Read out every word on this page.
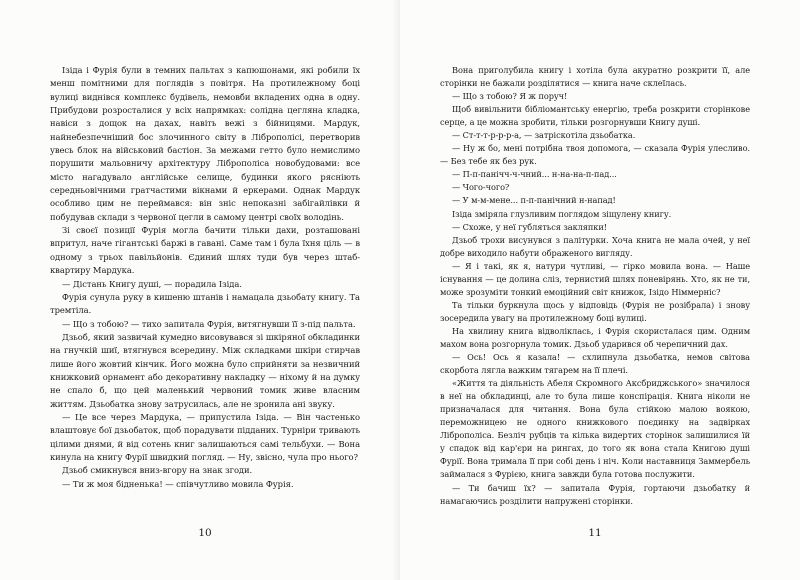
Ізіда і Фурія були в темних пальтах з капюшонами, які робили їх менш помітними для поглядів з повітря. На протилежному боці вулиці виднівся комплекс будівель, немовби вкладених одна в одну. Прибудови розросталися у всіх напрямках: солідна цегляна кладка, навіси з дощок на дахах, навіть вежі з бійницями. Мардук, найнебезпечніший бос злочинного світу в Ліброполісі, перетворив увесь блок на військовий бастіон. За межами гетто було немислимо порушити мальовничу архітектуру Ліброполіса новобудовами: все місто нагадувало англійське селище, будинки якого рясніють середньовічними гратчастими вікнами й еркерами. Однак Мардук особливо цим не переймався: він зніс непоказні забігайлівки й побудував склади з червоної цегли в самому центрі своїх володінь.

Зі своєї позиції Фурія могла бачити тільки дахи, розташовані впритул, наче гігантські баржі в гавані. Саме там і була їхня ціль — в одному з трьох павільйонів. Єдиний шлях туди був через штаб-квартиру Мардука.

— Дістань Книгу душі, — порадила Ізіда.

Фурія сунула руку в кишеню штанів і намацала дзьобату книгу. Та тремтіла.

— Що з тобою? — тихо запитала Фурія, витягнувши її з-під пальта.

Дзьоб, який зазвичай кумедно висовувався зі шкіряної обкладинки на гнучкій шиї, втягнувся всередину. Між складками шкіри стирчав лише його жовтий кінчик. Його можна було сприйняти за незвичний книжковий орнамент або декоративну накладку — ніхому й на думку не спало б, що цей маленький червоний томик живе власним життям. Дзьобатка знову затрусилась, але не зронила ані звуку.

— Це все через Мардука, — припустила Ізіда. — Він частенько влаштовує бої дзьобаток, щоб порадувати підданих. Турніри тривають цілими днями, й від сотень книг залишаються самі тельбухи. — Вона кинула на книгу Фурії швидкий погляд. — Ну, звісно, чула про нього?

Дзьоб смикнувся вниз-вгору на знак згоди.

— Ти ж моя бідненька! — співчутливо мовила Фурія.

10

Вона приголубила книгу і хотіла була акуратно розкрити її, але сторінки не бажали розділятися — книга наче склеїлась.

— Що з тобою? Я ж поруч!

Щоб вивільнити бібліомантську енергію, треба розкрити сторінкове серце, а це можна зробити, тільки розгорнувши Книгу душі.

— Ст-т-т-р-р-р-а, — затріскотіла дзьобатка.

— Ну ж бо, мені потрібна твоя допомога, — сказала Фурія улесливо. — Без тебе як без рук.

— П-п-панічч-ч-чний... н-на-на-п-пад...

— Чого-чого?

— У м-м-мене... п-п-панічний н-напад!

Ізіда зміряла глузливим поглядом зіщулену книгу.

— Схоже, у неї губляться закляпки!

Дзьоб трохи висунувся з палітурки. Хоча книга не мала очей, у неї добре виходило набути ображеного вигляду.

— Я і такі, як я, натури чутливі, — гірко мовила вона. — Наше існування — це долина сліз, тернистий шлях поневірянь. Хто, як не ти, може зрозуміти тонкий емоційний світ книжок, Ізідо Німмерніс?

Та тільки буркнула щось у відповідь (Фурія не розібрала) і знову зосередила увагу на протилежному боці вулиці.

На хвилину книга відволіклась, і Фурія скористалася цим. Одним махом вона розгорнула томик. Дзьоб ударився об черепичний дах.

— Ось! Ось я казала! — схлипнула дзьобатка, немов світова скорбота лягла важким тягарем на її плечі.

«Життя та діяльність Абеля Скромного Аксбриджського» значилося в неї на обкладинці, але то була лише конспірація. Книга ніколи не призначалася для читання. Вона була стійкою малою воякою, переможницею не одного книжкового поєдинку на задвірках Ліброполіса. Безліч рубців та кілька видертих сторінок залишилися їй у спадок від кар'єри на рингах, до того як вона стала Книгою душі Фурії. Вона тримала її при собі день і ніч. Коли наставниця Заммербель займалася з Фурією, книга завжди була готова послужити.

— Ти бачиш їх? — запитала Фурія, гортаючи дзьобатку й намагаючись розділити напружені сторінки.

11
